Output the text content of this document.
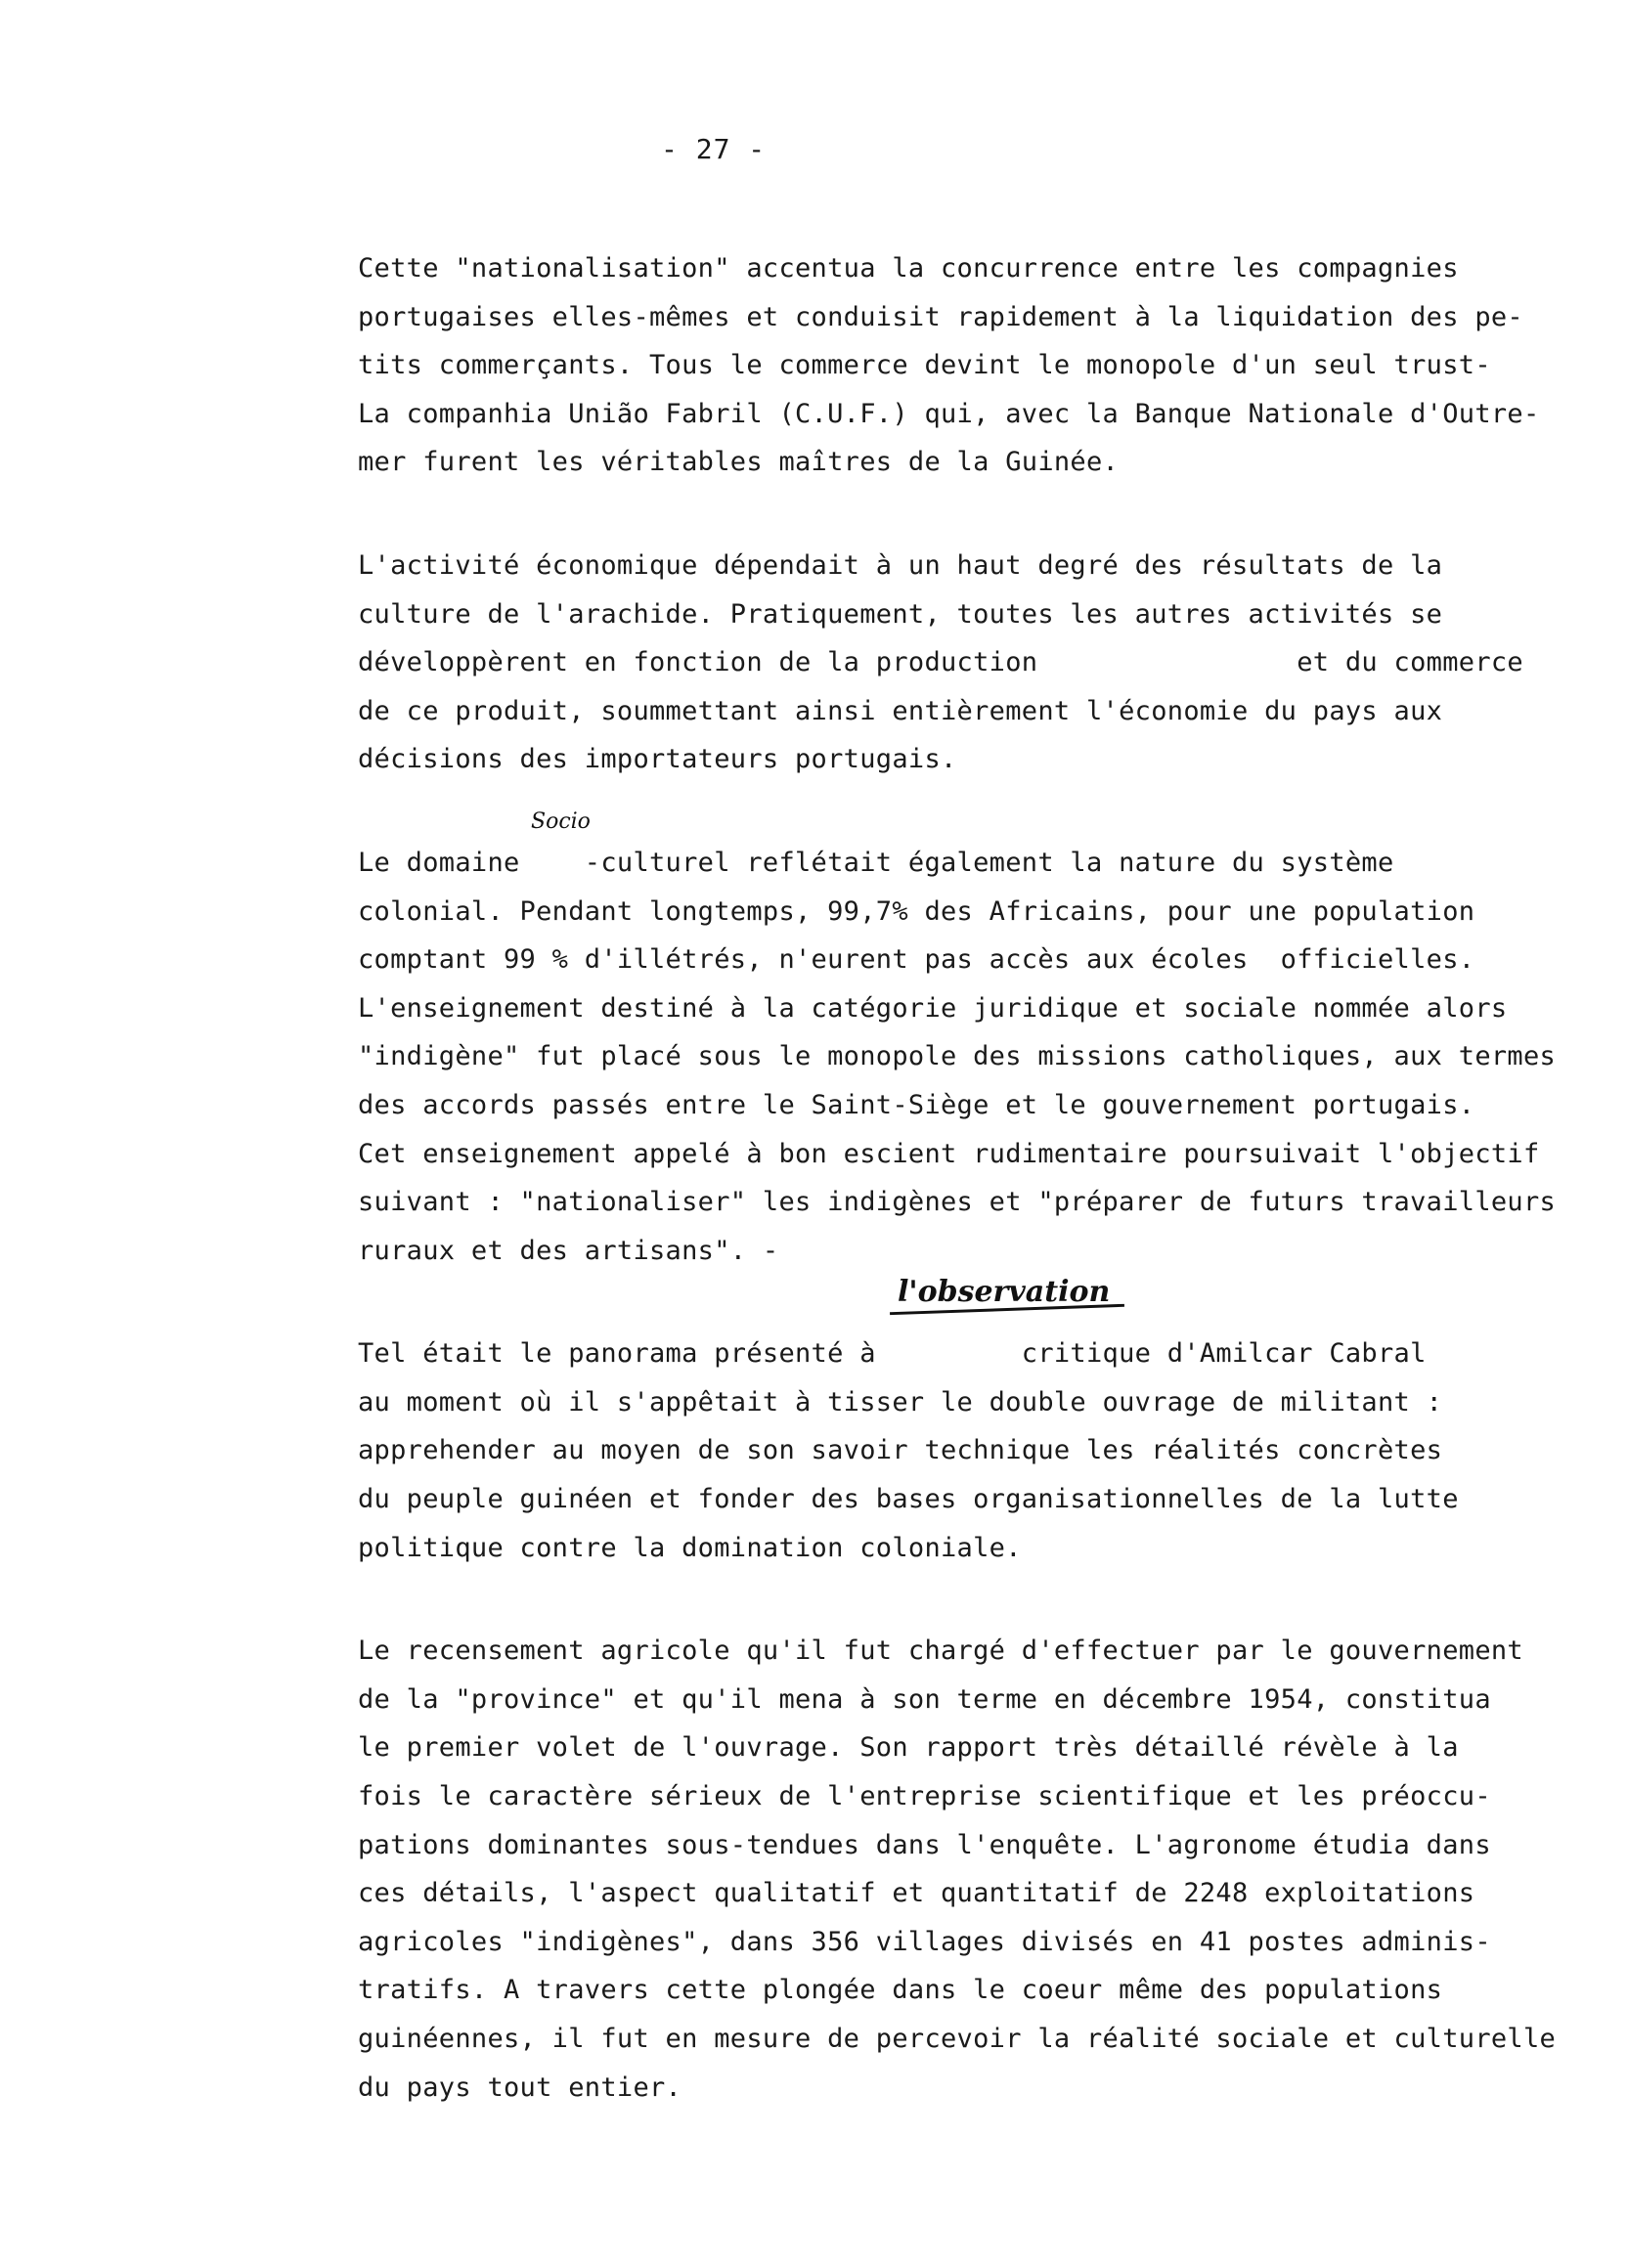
- 27 -
Socio
l'observation
Cette "nationalisation" accentua la concurrence entre les compagnies
portugaises elles-mêmes et conduisit rapidement à la liquidation des pe-
tits commerçants. Tous le commerce devint le monopole d'un seul trust-
La companhia União Fabril (C.U.F.) qui, avec la Banque Nationale d'Outre-
mer furent les véritables maîtres de la Guinée.
L'activité économique dépendait à un haut degré des résultats de la
culture de l'arachide. Pratiquement, toutes les autres activités se
développèrent en fonction de la production                et du commerce
de ce produit, soummettant ainsi entièrement l'économie du pays aux
décisions des importateurs portugais.
Le domaine    -culturel reflétait également la nature du système
colonial. Pendant longtemps, 99,7% des Africains, pour une population
comptant 99 % d'illétrés, n'eurent pas accès aux écoles  officielles.
L'enseignement destiné à la catégorie juridique et sociale nommée alors
"indigène" fut placé sous le monopole des missions catholiques, aux termes
des accords passés entre le Saint-Siège et le gouvernement portugais.
Cet enseignement appelé à bon escient rudimentaire poursuivait l'objectif
suivant : "nationaliser" les indigènes et "préparer de futurs travailleurs
ruraux et des artisans". -
Tel était le panorama présenté à         critique d'Amilcar Cabral
au moment où il s'appêtait à tisser le double ouvrage de militant :
apprehender au moyen de son savoir technique les réalités concrètes
du peuple guinéen et fonder des bases organisationnelles de la lutte
politique contre la domination coloniale.
Le recensement agricole qu'il fut chargé d'effectuer par le gouvernement
de la "province" et qu'il mena à son terme en décembre 1954, constitua
le premier volet de l'ouvrage. Son rapport très détaillé révèle à la
fois le caractère sérieux de l'entreprise scientifique et les préoccu-
pations dominantes sous-tendues dans l'enquête. L'agronome étudia dans
ces détails, l'aspect qualitatif et quantitatif de 2248 exploitations
agricoles "indigènes", dans 356 villages divisés en 41 postes adminis-
tratifs. A travers cette plongée dans le coeur même des populations
guinéennes, il fut en mesure de percevoir la réalité sociale et culturelle
du pays tout entier.
